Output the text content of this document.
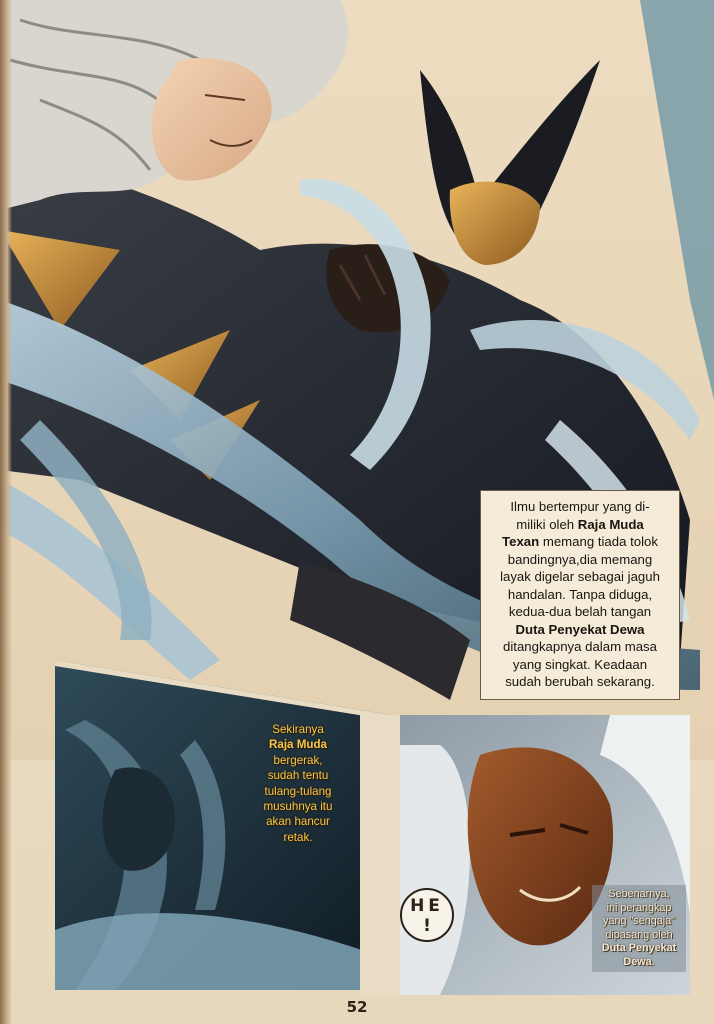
Ilmu bertempur yang di-
miliki oleh Raja Muda
Texan memang tiada tolok
bandingnya,dia memang
layak digelar sebagai jaguh
handalan. Tanpa diduga,
kedua-dua belah tangan
Duta Penyekat Dewa
ditangkapnya dalam masa
yang singkat. Keadaan
sudah berubah sekarang.
Sekiranya
Raja Muda
bergerak,
sudah tentu
tulang-tulang
musuhnya itu
akan hancur
retak.
HE
!
Sebenarnya,
ini perangkap
yang "sengaja"
dipasang oleh
Duta Penyekat
Dewa.
52
